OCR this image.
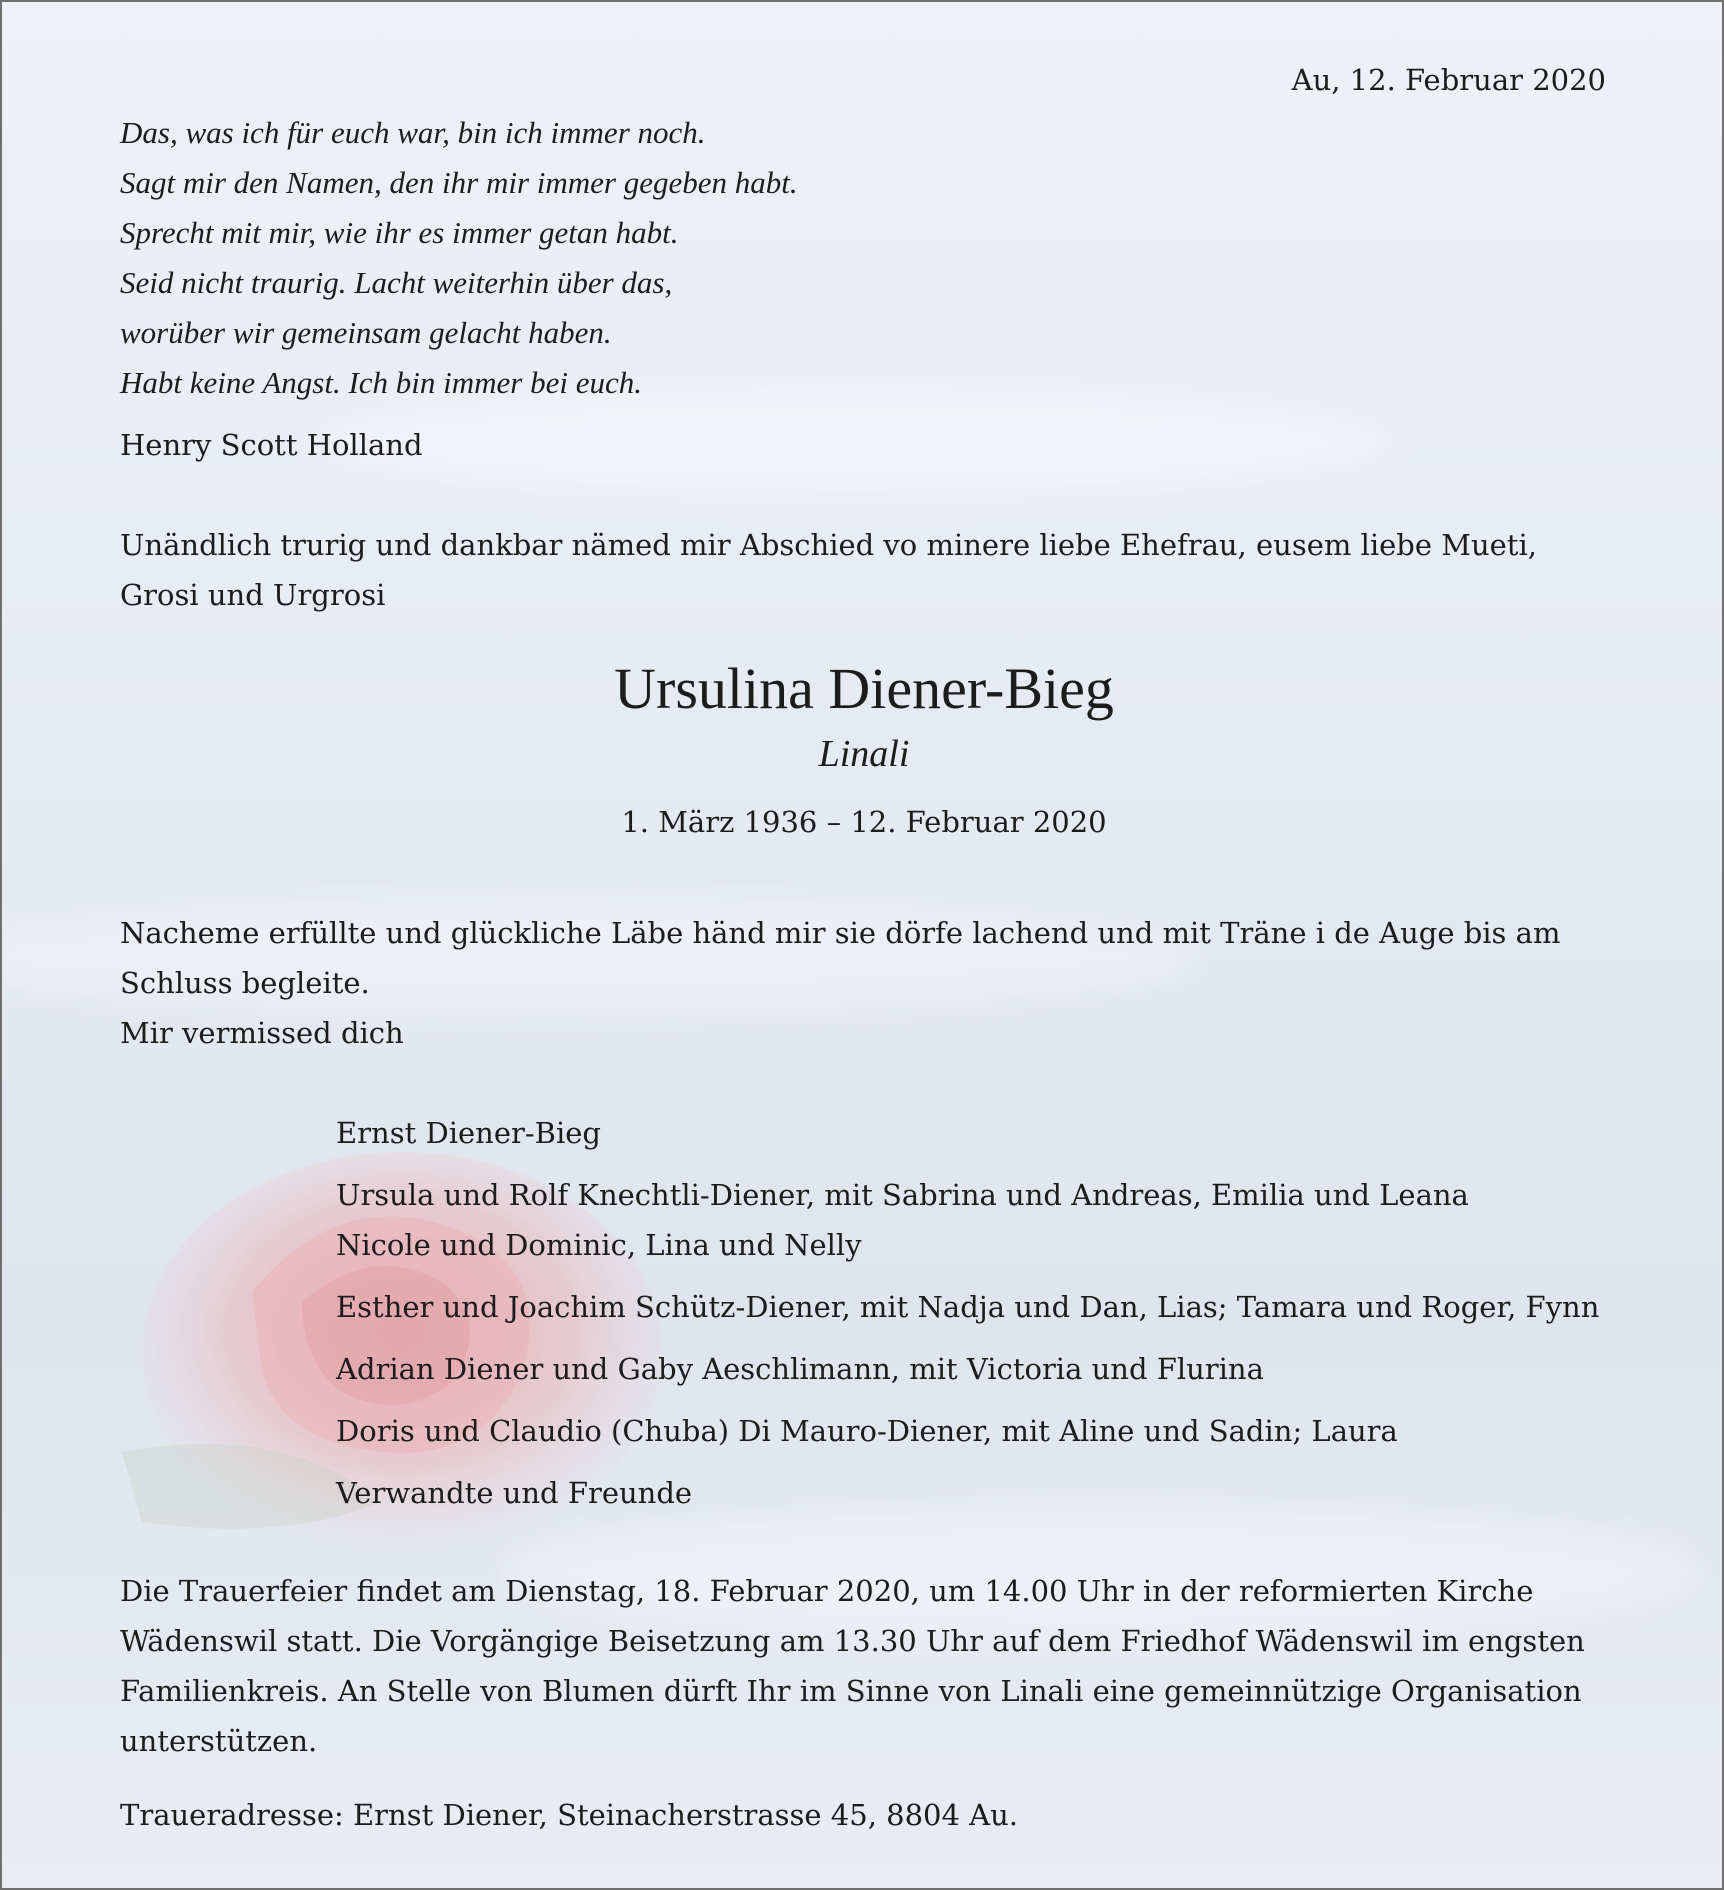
Au, 12. Februar 2020

Das, was ich für euch war, bin ich immer noch.

Sagt mir den Namen, den ihr mir immer gegeben habt.

Sprecht mit mir, wie ihr es immer getan habt.

Seid nicht traurig. Lacht weiterhin über das,

worüber wir gemeinsam gelacht haben.

Habt keine Angst. Ich bin immer bei euch.

Henry Scott Holland

Unändlich trurig und dankbar nämed mir Abschied vo minere liebe Ehefrau, eusem liebe Mueti,

Grosi und Urgrosi

Ursulina Diener-Bieg

Linali

1. März 1936 – 12. Februar 2020

Nacheme erfüllte und glückliche Läbe händ mir sie dörfe lachend und mit Träne i de Auge bis am

Schluss begleite.

Mir vermissed dich

Ernst Diener-Bieg
Ursula und Rolf Knechtli-Diener, mit Sabrina und Andreas, Emilia und Leana
Nicole und Dominic, Lina und Nelly
Esther und Joachim Schütz-Diener, mit Nadja und Dan, Lias; Tamara und Roger, Fynn
Adrian Diener und Gaby Aeschlimann, mit Victoria und Flurina
Doris und Claudio (Chuba) Di Mauro-Diener, mit Aline und Sadin; Laura
Verwandte und Freunde

Die Trauerfeier findet am Dienstag, 18. Februar 2020, um 14.00 Uhr in der reformierten Kirche

Wädenswil statt. Die Vorgängige Beisetzung am 13.30 Uhr auf dem Friedhof Wädenswil im engsten

Familienkreis. An Stelle von Blumen dürft Ihr im Sinne von Linali eine gemeinnützige Organisation

unterstützen.

Traueradresse: Ernst Diener, Steinacherstrasse 45, 8804 Au.
